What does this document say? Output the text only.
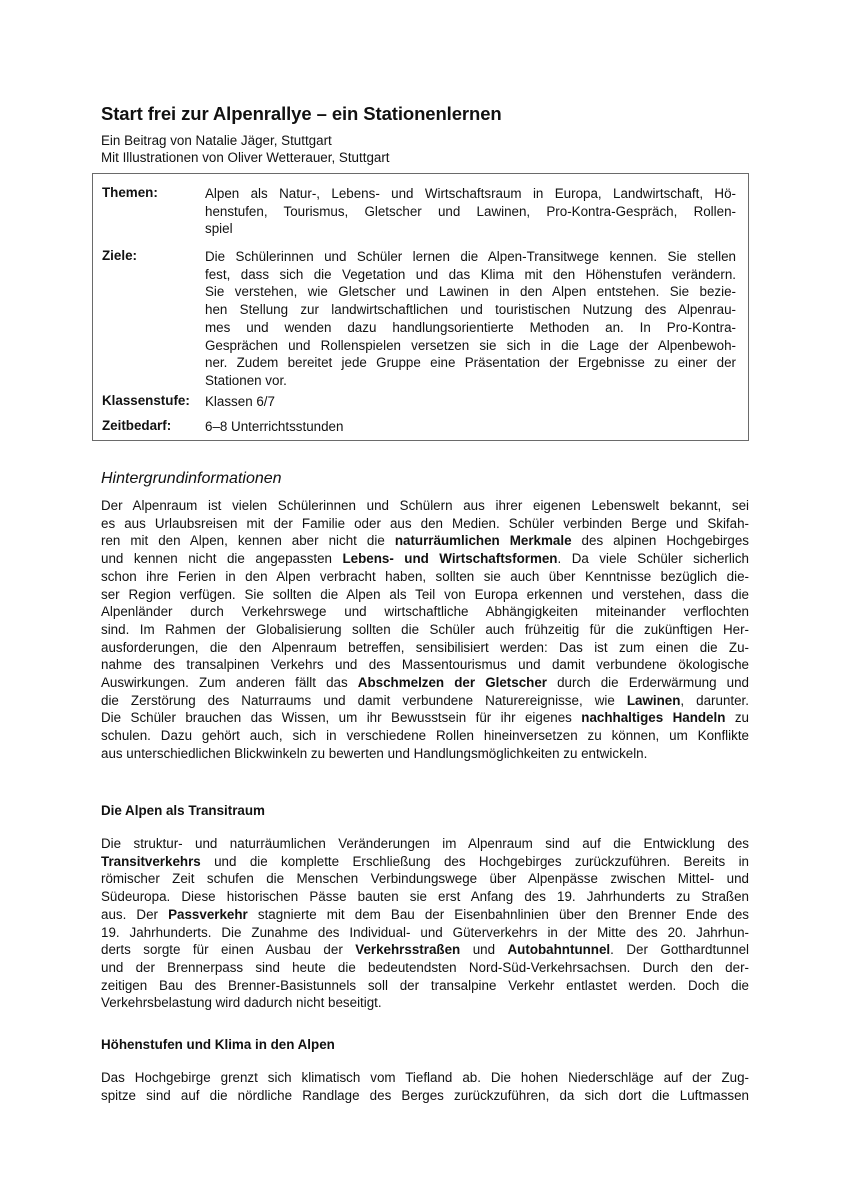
Start frei zur Alpenrallye – ein Stationenlernen
Ein Beitrag von Natalie Jäger, Stuttgart
Mit Illustrationen von Oliver Wetterauer, Stuttgart
Themen:	Alpen als Natur-, Lebens- und Wirtschaftsraum in Europa, Landwirtschaft, Hö-
henstufen, Tourismus, Gletscher und Lawinen, Pro-Kontra-Gespräch, Rollen-
spiel
Ziele:	Die Schülerinnen und Schüler lernen die Alpen-Transitwege kennen. Sie stellen
fest, dass sich die Vegetation und das Klima mit den Höhenstufen verändern.
Sie verstehen, wie Gletscher und Lawinen in den Alpen entstehen. Sie bezie-
hen Stellung zur landwirtschaftlichen und touristischen Nutzung des Alpenrau-
mes und wenden dazu handlungsorientierte Methoden an. In Pro-Kontra-
Gesprächen und Rollenspielen versetzen sie sich in die Lage der Alpenbewoh-
ner. Zudem bereitet jede Gruppe eine Präsentation der Ergebnisse zu einer der
Stationen vor.
Klassenstufe: Klassen 6/7
Zeitbedarf:	6–8 Unterrichtsstunden
Hintergrundinformationen
Der Alpenraum ist vielen Schülerinnen und Schülern aus ihrer eigenen Lebenswelt bekannt, sei
es aus Urlaubsreisen mit der Familie oder aus den Medien. Schüler verbinden Berge und Skifah-
ren mit den Alpen, kennen aber nicht die naturräumlichen Merkmale des alpinen Hochgebirges
und kennen nicht die angepassten Lebens- und Wirtschaftsformen. Da viele Schüler sicherlich
schon ihre Ferien in den Alpen verbracht haben, sollten sie auch über Kenntnisse bezüglich die-
ser Region verfügen. Sie sollten die Alpen als Teil von Europa erkennen und verstehen, dass die
Alpenländer durch Verkehrswege und wirtschaftliche Abhängigkeiten miteinander verflochten
sind. Im Rahmen der Globalisierung sollten die Schüler auch frühzeitig für die zukünftigen Her-
ausforderungen, die den Alpenraum betreffen, sensibilisiert werden: Das ist zum einen die Zu-
nahme des transalpinen Verkehrs und des Massentourismus und damit verbundene ökologische
Auswirkungen. Zum anderen fällt das Abschmelzen der Gletscher durch die Erderwärmung und
die Zerstörung des Naturraums und damit verbundene Naturereignisse, wie Lawinen, darunter.
Die Schüler brauchen das Wissen, um ihr Bewusstsein für ihr eigenes nachhaltiges Handeln zu
schulen. Dazu gehört auch, sich in verschiedene Rollen hineinversetzen zu können, um Konflikte
aus unterschiedlichen Blickwinkeln zu bewerten und Handlungsmöglichkeiten zu entwickeln.
Die Alpen als Transitraum
Die struktur- und naturräumlichen Veränderungen im Alpenraum sind auf die Entwicklung des
Transitverkehrs und die komplette Erschließung des Hochgebirges zurückzuführen. Bereits in
römischer Zeit schufen die Menschen Verbindungswege über Alpenpässe zwischen Mittel- und
Südeuropa. Diese historischen Pässe bauten sie erst Anfang des 19. Jahrhunderts zu Straßen
aus. Der Passverkehr stagnierte mit dem Bau der Eisenbahnlinien über den Brenner Ende des
19. Jahrhunderts. Die Zunahme des Individual- und Güterverkehrs in der Mitte des 20. Jahrhun-
derts sorgte für einen Ausbau der Verkehrsstraßen und Autobahntunnel. Der Gotthardtunnel
und der Brennerpass sind heute die bedeutendsten Nord-Süd-Verkehrsachsen. Durch den der-
zeitigen Bau des Brenner-Basistunnels soll der transalpine Verkehr entlastet werden. Doch die
Verkehrsbelastung wird dadurch nicht beseitigt.
Höhenstufen und Klima in den Alpen
Das Hochgebirge grenzt sich klimatisch vom Tiefland ab. Die hohen Niederschläge auf der Zug-
spitze sind auf die nördliche Randlage des Berges zurückzuführen, da sich dort die Luftmassen
